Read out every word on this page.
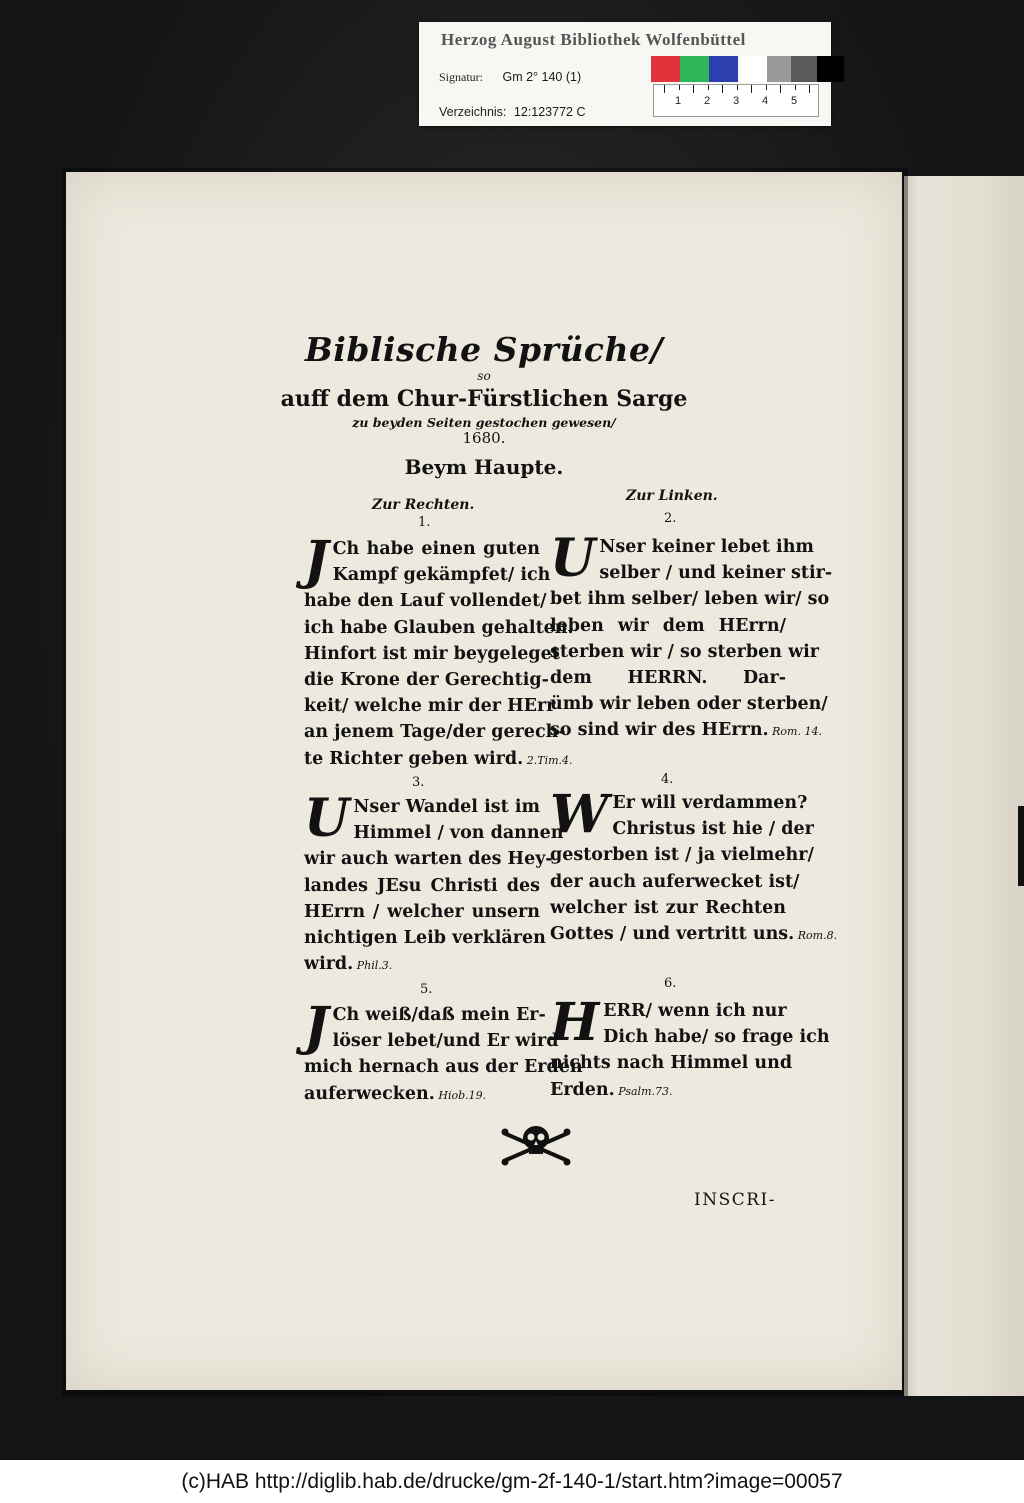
Herzog August Bibliothek Wolfenbüttel
Signatur: Gm 2° 140 (1)
Verzeichnis: 12:123772 C
1 2 3 4 5
Biblische Sprüche/
so
auff dem Chur-Fürstlichen Sarge
zu beyden Seiten gestochen gewesen/
1680.
Beym Haupte.
Zur Rechten.
Zur Linken.
1.	2.
3.	4.
5.	6.
J Ch habe einen guten
Kampf gekämpfet/ ich
habe den Lauf vollendet/
ich habe Glauben gehalten.
Hinfort ist mir beygeleget
die Krone der Gerechtig-
keit/ welche mir der HErr
an jenem Tage/der gerech-
te Richter geben wird. 2.Tim.4.
U Nser keiner lebet ihm
selber / und keiner stir-
bet ihm selber/ leben wir/ so
leben wir dem HErrn/
sterben wir / so sterben wir
dem HERRN. Dar-
ümb wir leben oder sterben/
so sind wir des HErrn. Rom. 14.
U Nser Wandel ist im
Himmel / von dannen
wir auch warten des Hey-
landes JEsu Christi des
HErrn / welcher unsern
nichtigen Leib verklären
wird. Phil.3.
W Er will verdammen?
Christus ist hie / der
gestorben ist / ja vielmehr/
der auch auferwecket ist/
welcher ist zur Rechten
Gottes / und vertritt uns. Rom.8.
J Ch weiß/daß mein Er-
löser lebet/und Er wird
mich hernach aus der Erden
auferwecken. Hiob.19.
H ERR/ wenn ich nur
Dich habe/ so frage ich
nichts nach Himmel und
Erden. Psalm.73.
INSCRI-
(c)HAB http://diglib.hab.de/drucke/gm-2f-140-1/start.htm?image=00057
